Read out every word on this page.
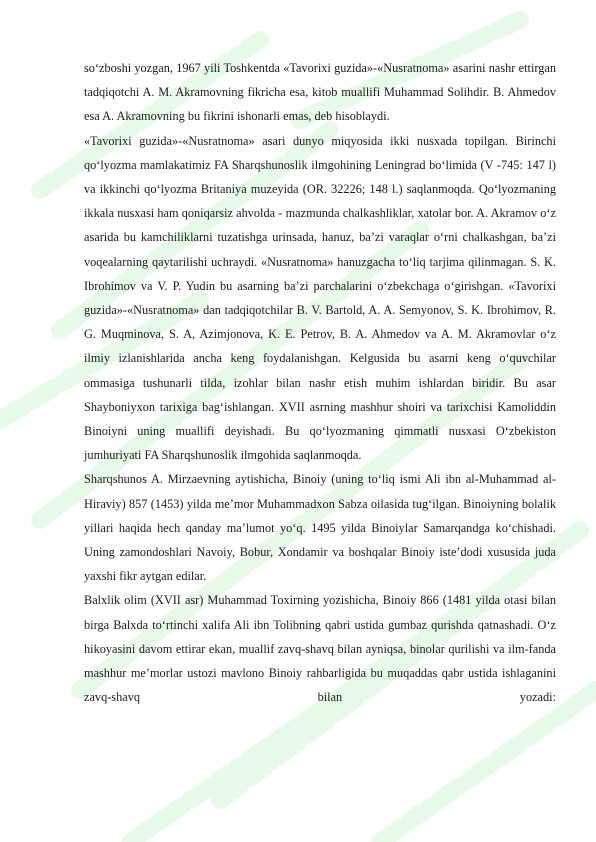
so‘zboshi yozgan, 1967 yili Toshkentda «Tavorixi guzida»-«Nusratnoma» asarini nashr ettirgan tadqiqotchi A. M. Akramovning fikricha esa, kitob muallifi Muhammad Solihdir. B. Ahmedov esa A. Akramovning bu fikrini ishonarli emas, deb hisoblaydi.

«Tavorixi guzida»-«Nusratnoma» asari dunyo miqyosida ikki nusxada topilgan. Birinchi qo‘lyozma mamlakatimiz FA Sharqshunoslik ilmgohining Leningrad bo‘limida (V -745: 147 l) va ikkinchi qo‘lyozma Britaniya muzeyida (OR. 32226; 148 l.) saqlanmoqda. Qo‘lyozmaning ikkala nusxasi ham qoniqarsiz ahvolda - mazmunda chalkashliklar, xatolar bor. A. Akramov o‘z asarida bu kamchiliklarni tuzatishga urinsada, hanuz, ba’zi varaqlar o‘rni chalkashgan, ba’zi voqealarning qaytarilishi uchraydi. «Nusratnoma» hanuzgacha to‘liq tarjima qilinmagan. S. K. Ibrohimov va V. P. Yudin bu asarning ba’zi parchalarini o‘zbekchaga o‘girishgan. «Tavorixi guzida»-«Nusratnoma» dan tadqiqotchilar B. V. Bartold, A. A. Semyonov, S. K. Ibrohimov, R. G. Muqminova, S. A, Azimjonova, K. E. Petrov, B. A. Ahmedov va A. M. Akramovlar o‘z ilmiy izlanishlarida ancha keng foydalanishgan. Kelgusida bu asarni keng o‘quvchilar ommasiga tushunarli tilda, izohlar bilan nashr etish muhim ishlardan biridir. Bu asar Shayboniyxon tarixiga bag‘ishlangan. XVII asrning mashhur shoiri va tarixchisi Kamoliddin Binoiyni uning muallifi deyishadi. Bu qo‘lyozmaning qimmatli nusxasi O‘zbekiston jumhuriyati FA Sharqshunoslik ilmgohida saqlanmoqda.

Sharqshunos A. Mirzaevning aytishicha, Binoiy (uning to‘liq ismi Ali ibn al-Muhammad al-Hiraviy) 857 (1453) yilda me’mor Muhammadxon Sabza oilasida tug‘ilgan. Binoiyning bolalik yillari haqida hech qanday ma’lumot yo‘q. 1495 yilda Binoiylar Samarqandga ko‘chishadi. Uning zamondoshlari Navoiy, Bobur, Xondamir va boshqalar Binoiy iste’dodi xususida juda yaxshi fikr aytgan edilar.

Balxlik olim (XVII asr) Muhammad Toxirning yozishicha, Binoiy 866 (1481 yilda otasi bilan birga Balxda to‘rtinchi xalifa Ali ibn Tolibning qabri ustida gumbaz qurishda qatnashadi. O‘z hikoyasini davom ettirar ekan, muallif zavq-shavq bilan ayniqsa, binolar qurilishi va ilm-fanda mashhur me’morlar ustozi mavlono Binoiy rahbarligida bu muqaddas qabr ustida ishlaganini zavq-shavq bilan yozadi:
